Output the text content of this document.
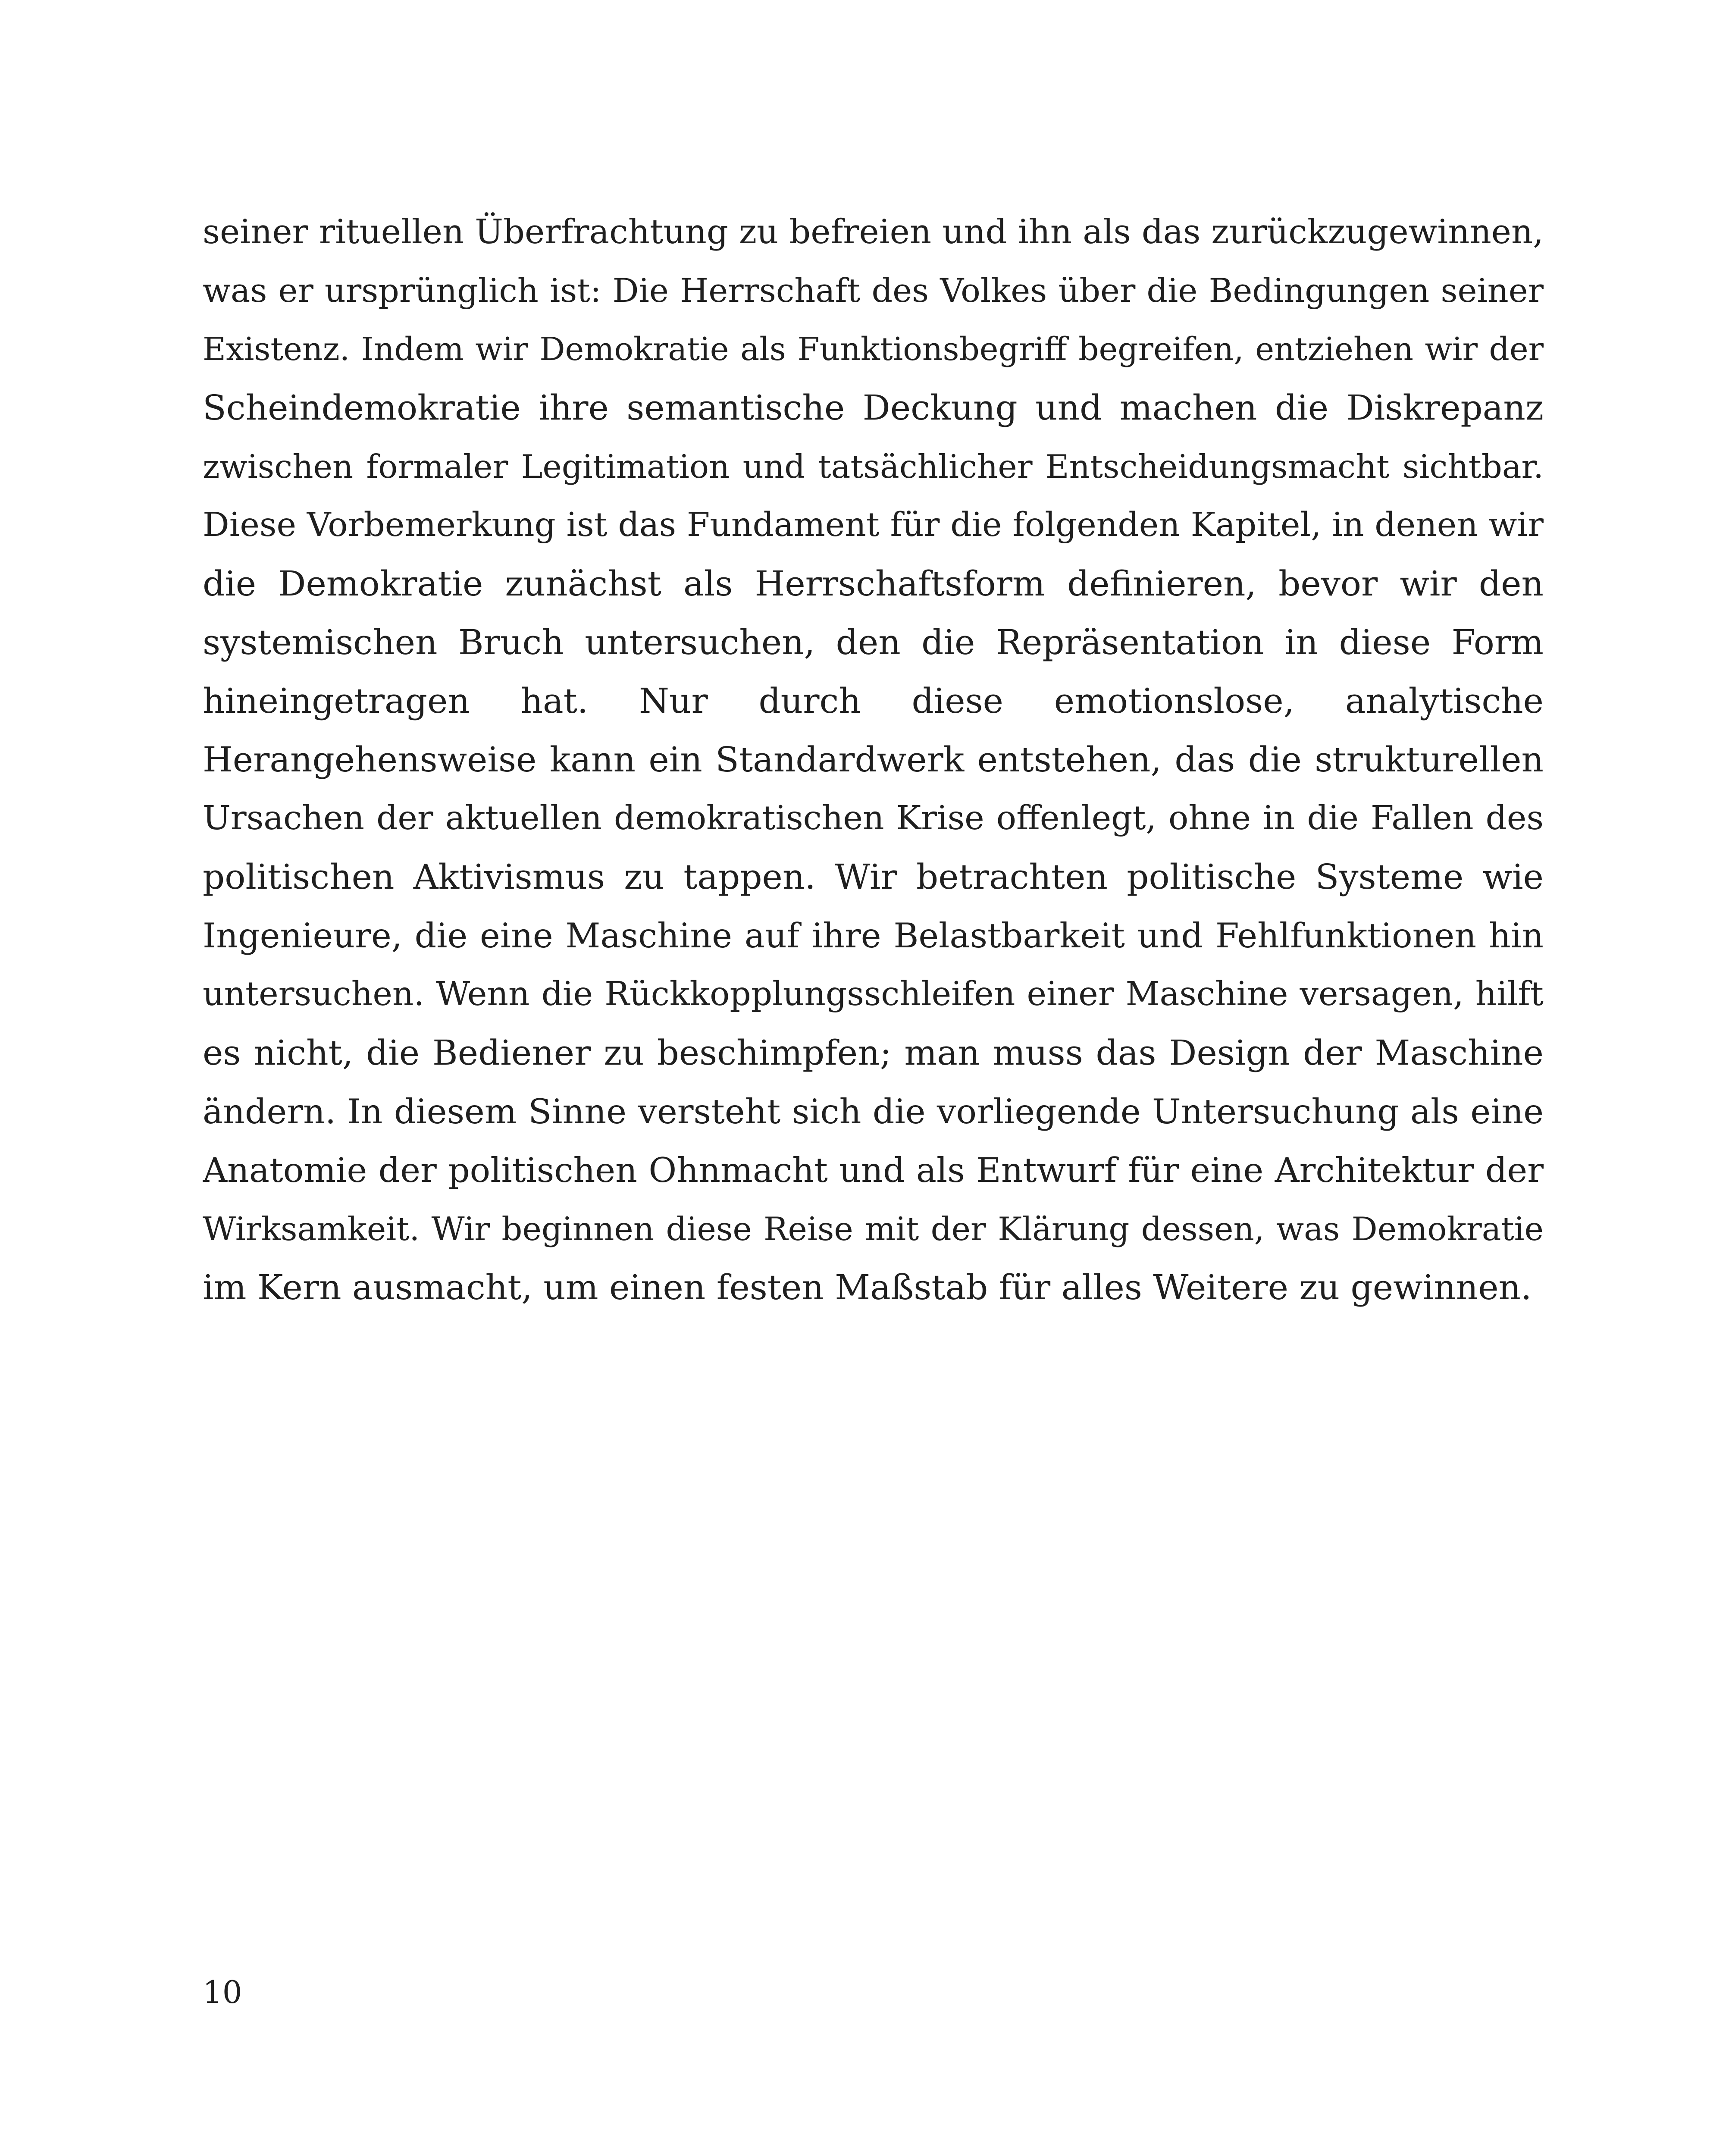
seiner rituellen Überfrachtung zu befreien und ihn als das zurückzugewinnen,
was er ursprünglich ist: Die Herrschaft des Volkes über die Bedingungen seiner
Existenz. Indem wir Demokratie als Funktionsbegriff begreifen, entziehen wir der
Scheindemokratie ihre semantische Deckung und machen die Diskrepanz
zwischen formaler Legitimation und tatsächlicher Entscheidungsmacht sichtbar.
Diese Vorbemerkung ist das Fundament für die folgenden Kapitel, in denen wir
die Demokratie zunächst als Herrschaftsform definieren, bevor wir den
systemischen Bruch untersuchen, den die Repräsentation in diese Form
hineingetragen hat. Nur durch diese emotionslose, analytische
Herangehensweise kann ein Standardwerk entstehen, das die strukturellen
Ursachen der aktuellen demokratischen Krise offenlegt, ohne in die Fallen des
politischen Aktivismus zu tappen. Wir betrachten politische Systeme wie
Ingenieure, die eine Maschine auf ihre Belastbarkeit und Fehlfunktionen hin
untersuchen. Wenn die Rückkopplungsschleifen einer Maschine versagen, hilft
es nicht, die Bediener zu beschimpfen; man muss das Design der Maschine
ändern. In diesem Sinne versteht sich die vorliegende Untersuchung als eine
Anatomie der politischen Ohnmacht und als Entwurf für eine Architektur der
Wirksamkeit. Wir beginnen diese Reise mit der Klärung dessen, was Demokratie
im Kern ausmacht, um einen festen Maßstab für alles Weitere zu gewinnen.
10
